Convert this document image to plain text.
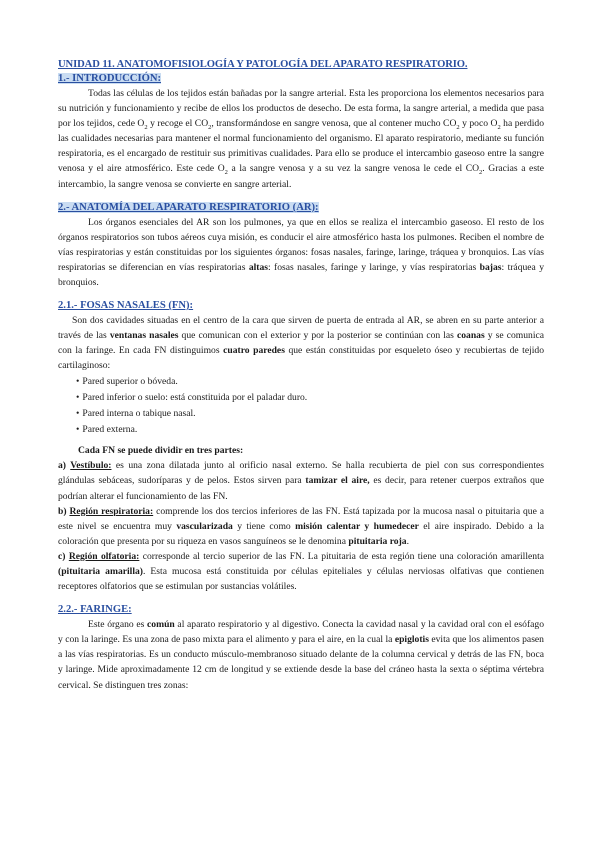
UNIDAD 11. ANATOMOFISIOLOGÍA Y PATOLOGÍA DEL APARATO RESPIRATORIO.
1.- INTRODUCCIÓN:

Todas las células de los tejidos están bañadas por la sangre arterial. Esta les proporciona los elementos necesarios para su nutrición y funcionamiento y recibe de ellos los productos de desecho. De esta forma, la sangre arterial, a medida que pasa por los tejidos, cede $O_2$ y recoge el $CO_2$, transformándose en sangre venosa, que al contener mucho $CO_2$ y poco $O_2$ ha perdido las cualidades necesarias para mantener el normal funcionamiento del organismo. El aparato respiratorio, mediante su función respiratoria, es el encargado de restituir sus primitivas cualidades. Para ello se produce el intercambio gaseoso entre la sangre venosa y el aire atmosférico. Este cede $O_2$ a la sangre venosa y a su vez la sangre venosa le cede el $CO_2$. Gracias a este intercambio, la sangre venosa se convierte en sangre arterial.

2.- ANATOMÍA DEL APARATO RESPIRATORIO (AR):

Los órganos esenciales del AR son los pulmones, ya que en ellos se realiza el intercambio gaseoso. El resto de los órganos respiratorios son tubos aéreos cuya misión, es conducir el aire atmosférico hasta los pulmones. Reciben el nombre de vías respiratorias y están constituidas por los siguientes órganos: fosas nasales, faringe, laringe, tráquea y bronquios. Las vías respiratorias se diferencian en vías respiratorias altas: fosas nasales, faringe y laringe, y vías respiratorias bajas: tráquea y bronquios.

2.1.- FOSAS NASALES (FN):

Son dos cavidades situadas en el centro de la cara que sirven de puerta de entrada al AR, se abren en su parte anterior a través de las ventanas nasales que comunican con el exterior y por la posterior se continúan con las coanas y se comunica con la faringe. En cada FN distinguimos cuatro paredes que están constituidas por esqueleto óseo y recubiertas de tejido cartilaginoso:

• Pared superior o bóveda.
• Pared inferior o suelo: está constituida por el paladar duro.
• Pared interna o tabique nasal.
• Pared externa.
Cada FN se puede dividir en tres partes:

a) Vestíbulo: es una zona dilatada junto al orificio nasal externo. Se halla recubierta de piel con sus correspondientes glándulas sebáceas, sudoríparas y de pelos. Estos sirven para tamizar el aire, es decir, para retener cuerpos extraños que podrían alterar el funcionamiento de las FN.

b) Región respiratoria: comprende los dos tercios inferiores de las FN. Está tapizada por la mucosa nasal o pituitaria que a este nivel se encuentra muy vascularizada y tiene como misión calentar y humedecer el aire inspirado. Debido a la coloración que presenta por su riqueza en vasos sanguíneos se le denomina pituitaria roja.

c) Región olfatoria: corresponde al tercio superior de las FN. La pituitaria de esta región tiene una coloración amarillenta (pituitaria amarilla). Esta mucosa está constituida por células epiteliales y células nerviosas olfativas que contienen receptores olfatorios que se estimulan por sustancias volátiles.

2.2.- FARINGE:

Este órgano es común al aparato respiratorio y al digestivo. Conecta la cavidad nasal y la cavidad oral con el esófago y con la laringe. Es una zona de paso mixta para el alimento y para el aire, en la cual la epiglotis evita que los alimentos pasen a las vías respiratorias. Es un conducto músculo-membranoso situado delante de la columna cervical y detrás de las FN, boca y laringe. Mide aproximadamente 12 cm de longitud y se extiende desde la base del cráneo hasta la sexta o séptima vértebra cervical. Se distinguen tres zonas:
